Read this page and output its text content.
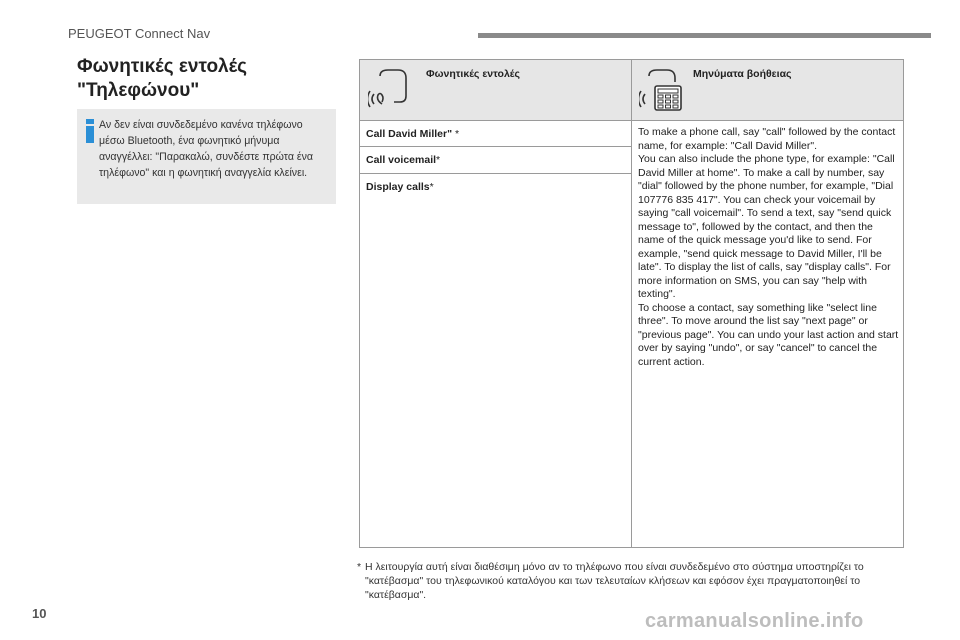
PEUGEOT Connect Nav
Φωνητικές εντολές "Τηλεφώνου"
Αν δεν είναι συνδεδεμένο κανένα τηλέφωνο μέσω Bluetooth, ένα φωνητικό μήνυμα αναγγέλλει: "Παρακαλώ, συνδέστε πρώτα ένα τηλέφωνο" και η φωνητική αναγγελία κλείνει.
Φωνητικές εντολές	Μηνύματα βοήθειας
Call David Miller" *
Call voicemail*
Display calls*
To make a phone call, say "call" followed by the contact name, for example: "Call David Miller".
You can also include the phone type, for example: "Call David Miller at home". To make a call by number, say "dial" followed by the phone number, for example, "Dial 107776 835 417". You can check your voicemail by saying "call voicemail". To send a text, say "send quick message to", followed by the contact, and then the name of the quick message you'd like to send. For example, "send quick message to David Miller, I'll be late". To display the list of calls, say "display calls". For more information on SMS, you can say "help with texting".
To choose a contact, say something like "select line three". To move around the list say "next page" or "previous page". You can undo your last action and start over by saying "undo", or say "cancel" to cancel the current action.
* Η λειτουργία αυτή είναι διαθέσιμη μόνο αν το τηλέφωνο που είναι συνδεδεμένο στο σύστημα υποστηρίζει το "κατέβασμα" του τηλεφωνικού καταλόγου και των τελευταίων κλήσεων και εφόσον έχει πραγματοποιηθεί το "κατέβασμα".
10	carmanualsonline.info
